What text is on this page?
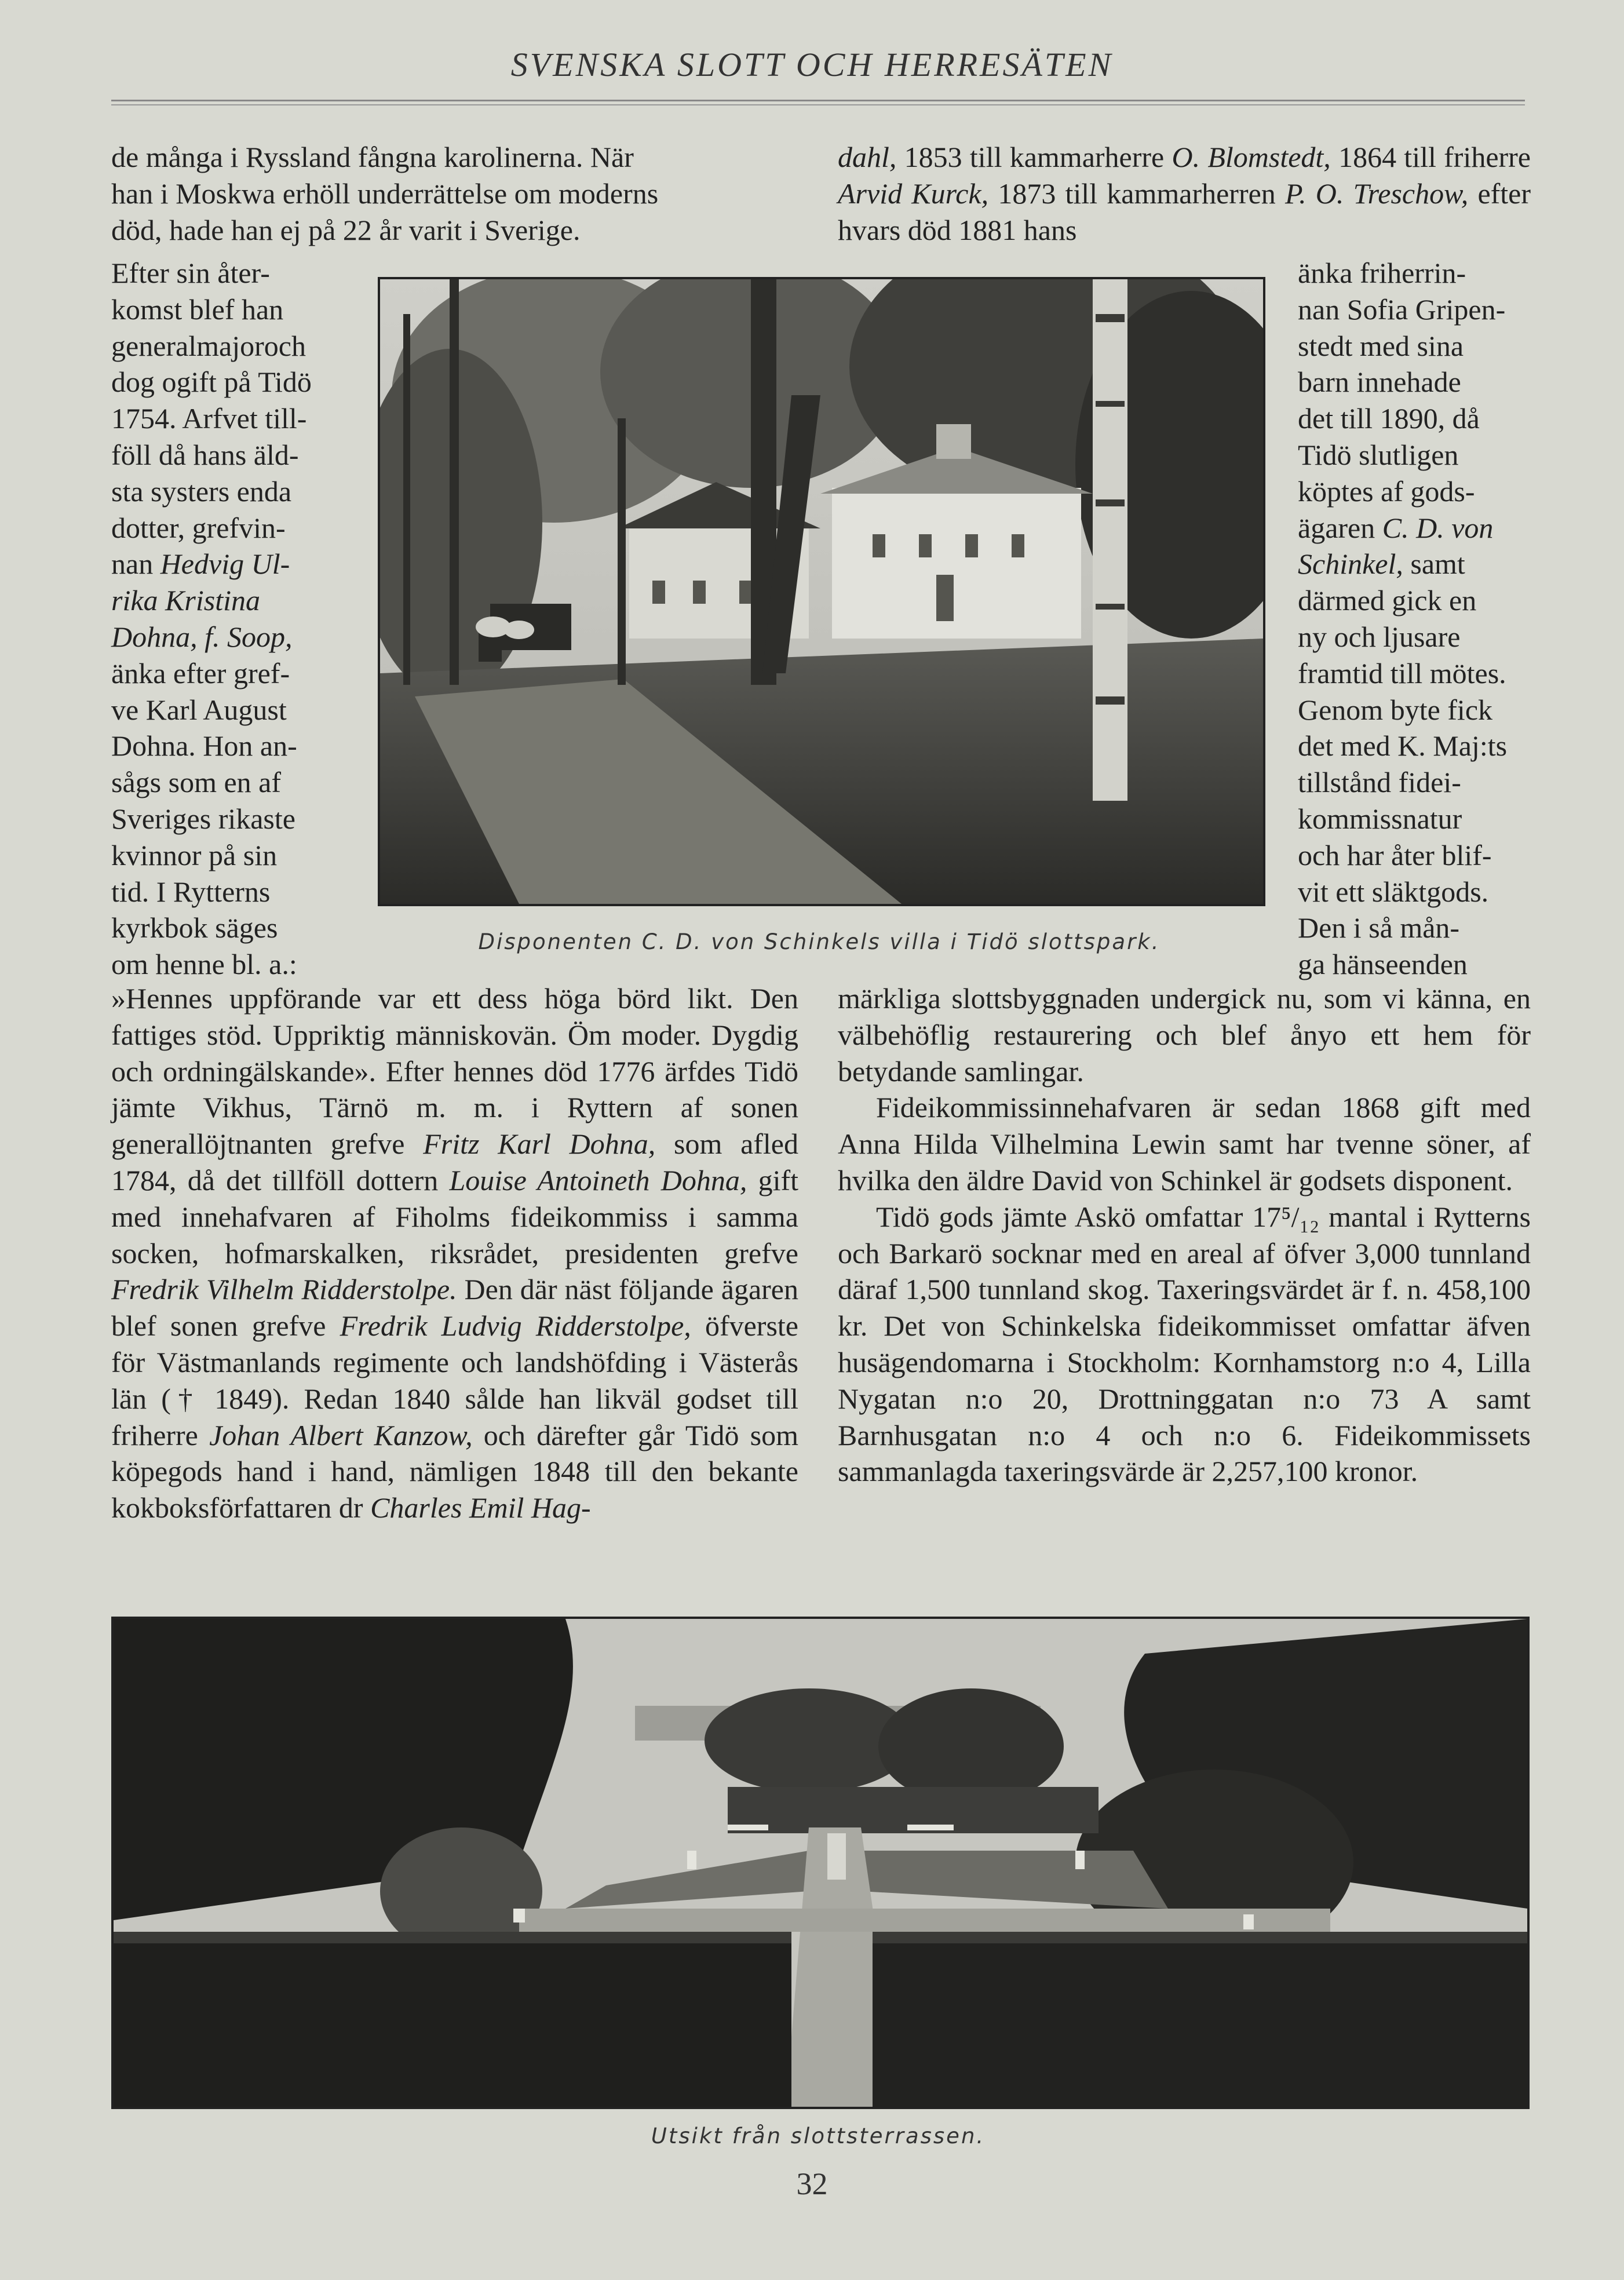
SVENSKA SLOTT OCH HERRESÄTEN

de många i Ryssland fångna karolinerna. När

han i Moskwa erhöll underrättelse om moderns

död, hade han ej på 22 år varit i Sverige.

Efter sin åter-

komst blef han

generalmajoroch

dog ogift på Tidö

1754. Arfvet till-

föll då hans äld-

sta systers enda

dotter, grefvin-

nan Hedvig Ul-

rika Kristina

Dohna, f. Soop,

änka efter gref-

ve Karl August

Dohna. Hon an-

sågs som en af

Sveriges rikaste

kvinnor på sin

tid. I Rytterns

kyrkbok säges

om henne bl. a.:

»Hennes uppförande var ett dess höga börd likt. Den fattiges stöd. Uppriktig människovän. Öm moder. Dygdig och ordningälskande». Efter hennes död 1776 ärfdes Tidö jämte Vikhus, Tärnö m. m. i Ryttern af sonen generallöjtnanten grefve Fritz Karl Dohna, som afled 1784, då det tillföll dottern Louise Antoineth Dohna, gift med innehafvaren af Fiholms fideikommiss i samma socken, hofmarskalken, riksrådet, presidenten grefve Fredrik Vilhelm Ridderstolpe. Den där näst följande ägaren blef sonen grefve Fredrik Ludvig Ridderstolpe, öfverste för Västmanlands regimente och landshöfding i Västerås län († 1849). Redan 1840 sålde han likväl godset till friherre Johan Albert Kanzow, och därefter går Tidö som köpegods hand i hand, nämligen 1848 till den bekante kokboksförfattaren dr Charles Emil Hag-

dahl, 1853 till kammarherre O. Blomstedt, 1864 till friherre Arvid Kurck, 1873 till kammarherren P. O. Treschow, efter hvars död 1881 hans

änka friherrin-

nan Sofia Gripen-

stedt med sina

barn innehade

det till 1890, då

Tidö slutligen

köptes af gods-

ägaren C. D. von

Schinkel, samt

därmed gick en

ny och ljusare

framtid till mötes.

Genom byte fick

det med K. Maj:ts

tillstånd fidei-

kommissnatur

och har åter blif-

vit ett släktgods.

Den i så mån-

ga hänseenden

märkliga slottsbyggnaden undergick nu, som vi känna, en välbehöflig restaurering och blef ånyo ett hem för betydande samlingar.

Fideikommissinnehafvaren är sedan 1868 gift med Anna Hilda Vilhelmina Lewin samt har tvenne söner, af hvilka den äldre David von Schinkel är godsets disponent.

Tidö gods jämte Askö omfattar 17⁵/₁₂ mantal i Rytterns och Barkarö socknar med en areal af öfver 3,000 tunnland däraf 1,500 tunnland skog. Taxeringsvärdet är f. n. 458,100 kr. Det von Schinkelska fideikommisset omfattar äfven husägendomarna i Stockholm: Kornhamstorg n:o 4, Lilla Nygatan n:o 20, Drottninggatan n:o 73 A samt Barnhusgatan n:o 4 och n:o 6. Fideikommissets sammanlagda taxeringsvärde är 2,257,100 kronor.

Disponenten C. D. von Schinkels villa i Tidö slottspark.
Utsikt från slottsterrassen.
32
